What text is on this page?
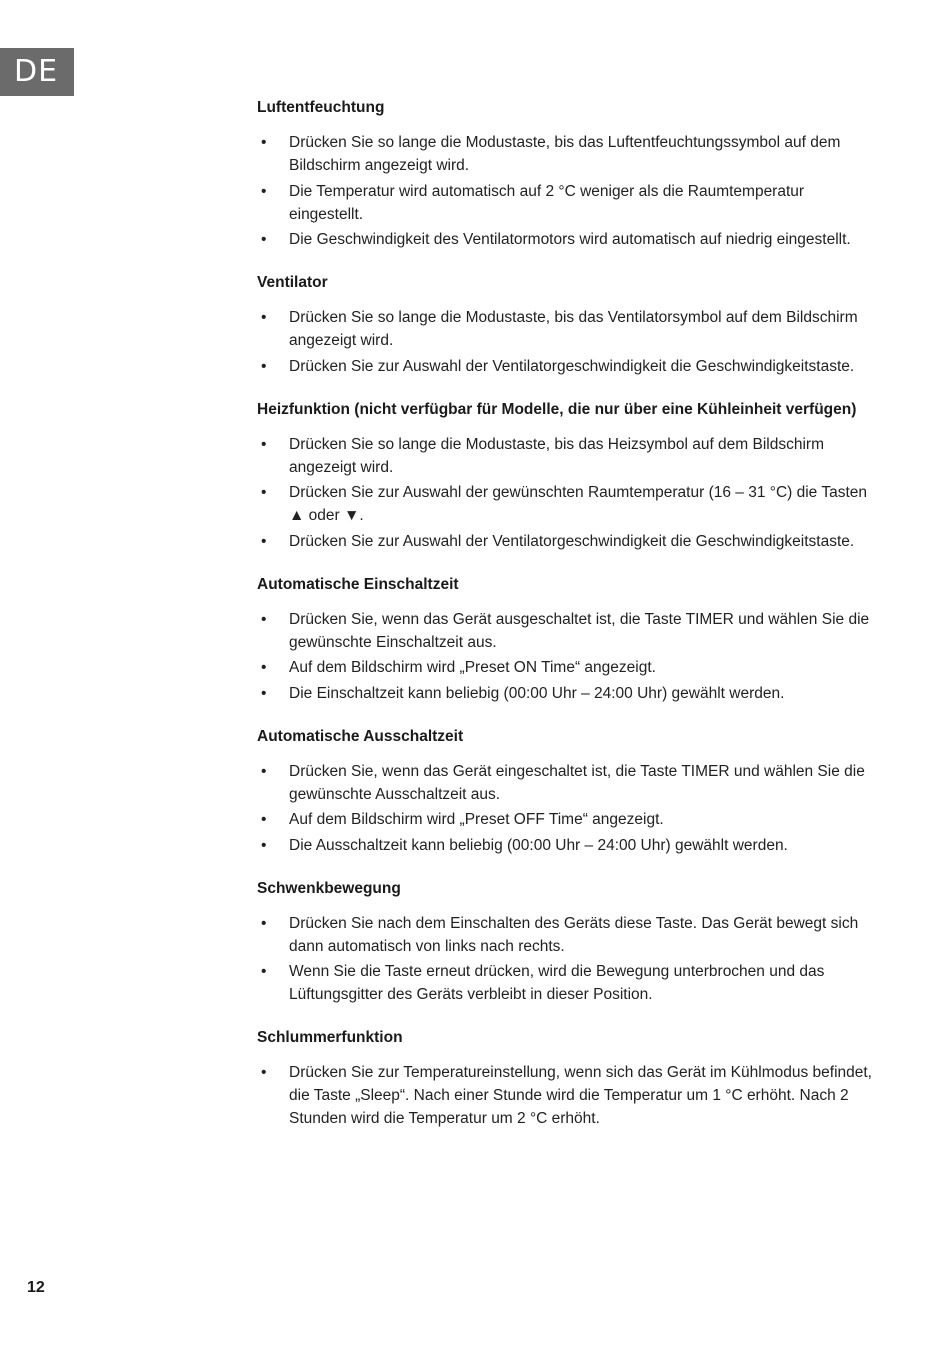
DE
Luftentfeuchtung
• Drücken Sie so lange die Modustaste, bis das Luftentfeuchtungssymbol auf dem Bildschirm angezeigt wird.
• Die Temperatur wird automatisch auf 2 °C weniger als die Raumtemperatur eingestellt.
• Die Geschwindigkeit des Ventilatormotors wird automatisch auf niedrig eingestellt.
Ventilator
• Drücken Sie so lange die Modustaste, bis das Ventilatorsymbol auf dem Bildschirm angezeigt wird.
• Drücken Sie zur Auswahl der Ventilatorgeschwindigkeit die Geschwindigkeitstaste.
Heizfunktion (nicht verfügbar für Modelle, die nur über eine Kühleinheit verfügen)
• Drücken Sie so lange die Modustaste, bis das Heizsymbol auf dem Bildschirm angezeigt wird.
• Drücken Sie zur Auswahl der gewünschten Raumtemperatur (16 – 31 °C) die Tasten ▲ oder ▼.
• Drücken Sie zur Auswahl der Ventilatorgeschwindigkeit die Geschwindigkeitstaste.
Automatische Einschaltzeit
• Drücken Sie, wenn das Gerät ausgeschaltet ist, die Taste TIMER und wählen Sie die gewünschte Einschaltzeit aus.
• Auf dem Bildschirm wird „Preset ON Time“ angezeigt.
• Die Einschaltzeit kann beliebig (00:00 Uhr – 24:00 Uhr) gewählt werden.
Automatische Ausschaltzeit
• Drücken Sie, wenn das Gerät eingeschaltet ist, die Taste TIMER und wählen Sie die gewünschte Ausschaltzeit aus.
• Auf dem Bildschirm wird „Preset OFF Time“ angezeigt.
• Die Ausschaltzeit kann beliebig (00:00 Uhr – 24:00 Uhr) gewählt werden.
Schwenkbewegung
• Drücken Sie nach dem Einschalten des Geräts diese Taste. Das Gerät bewegt sich dann automatisch von links nach rechts.
• Wenn Sie die Taste erneut drücken, wird die Bewegung unterbrochen und das Lüftungsgitter des Geräts verbleibt in dieser Position.
Schlummerfunktion
• Drücken Sie zur Temperatureinstellung, wenn sich das Gerät im Kühlmodus befindet, die Taste „Sleep“. Nach einer Stunde wird die Temperatur um 1 °C erhöht. Nach 2 Stunden wird die Temperatur um 2 °C erhöht.
12
